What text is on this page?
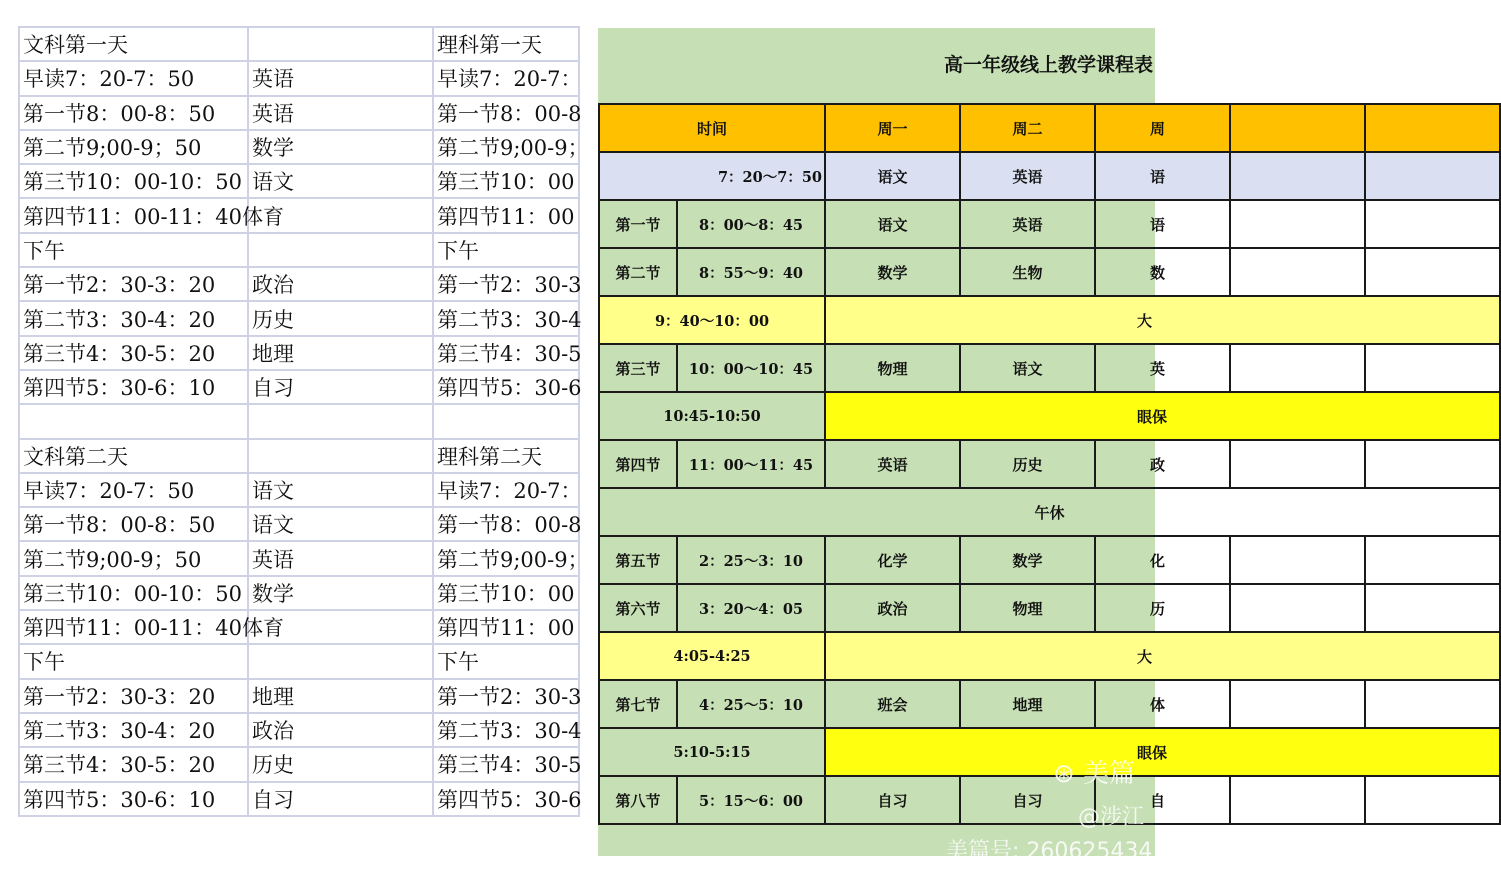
文科第一天		理科第一天
早读7：20-7：50	英语	早读7：20-7：
第一节8：00-8：50	英语	第一节8：00-8
第二节9;00-9；50	数学	第二节9;00-9；
第三节10：00-10：50	语文	第三节10：00
第四节11：00-11：40体育		第四节11：00
下午		下午
第一节2：30-3：20	政治	第一节2：30-3
第二节3：30-4：20	历史	第二节3：30-4
第三节4：30-5：20	地理	第三节4：30-5
第四节5：30-6：10	自习	第四节5：30-6

文科第二天		理科第二天
早读7：20-7：50	语文	早读7：20-7：
第一节8：00-8：50	语文	第一节8：00-8
第二节9;00-9；50	英语	第二节9;00-9；
第三节10：00-10：50	数学	第三节10：00
第四节11：00-11：40体育		第四节11：00
下午		下午
第一节2：30-3：20	地理	第一节2：30-3
第二节3：30-4：20	政治	第二节3：30-4
第三节4：30-5：20	历史	第三节4：30-5
第四节5：30-6：10	自习	第四节5：30-6
高一年级线上教学课程表
时间		周一	周二	周		
7：20～7：50		语文	英语	语		
第一节	8：00～8：45	语文	英语	语		
第二节	8：55～9：40	数学	生物	数		
9：40～10：00		大				
第三节	10：00～10：45	物理	语文	英		
10:45-10:50		眼保				
第四节	11：00～11：45	英语	历史	政		
午休						
第五节	2：25～3：10	化学	数学	化		
第六节	3：20～4：05	政治	物理	历		
4:05-4:25		大				
第七节	4：25～5：10	班会	地理	体		
5:10-5:15		眼保				
第八节	5：15～6：00	自习	自习	自		
⊛ 美篇
@涉江
美篇号: 260625434
